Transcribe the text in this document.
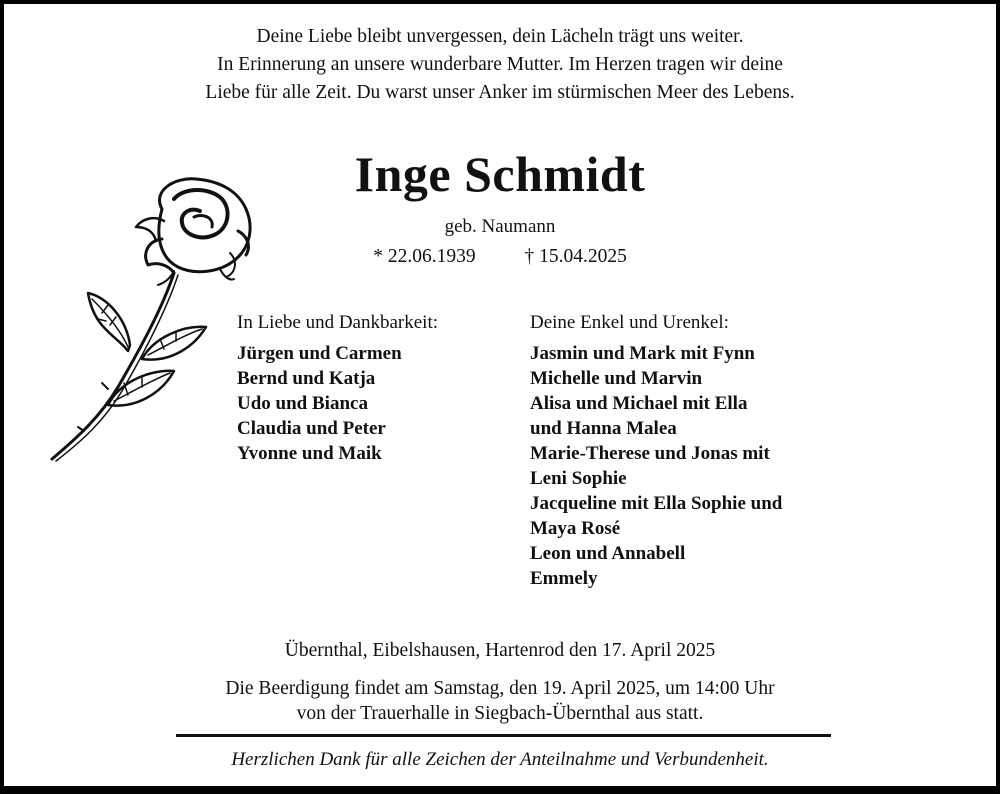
Deine Liebe bleibt unvergessen, dein Lächeln trägt uns weiter.
In Erinnerung an unsere wunderbare Mutter. Im Herzen tragen wir deine
Liebe für alle Zeit. Du warst unser Anker im stürmischen Meer des Lebens.
Inge Schmidt
geb. Naumann
* 22.06.1939	† 15.04.2025
In Liebe und Dankbarkeit:
Jürgen und Carmen
Bernd und Katja
Udo und Bianca
Claudia und Peter
Yvonne und Maik
Deine Enkel und Urenkel:
Jasmin und Mark mit Fynn
Michelle und Marvin
Alisa und Michael mit Ella
und Hanna Malea
Marie-Therese und Jonas mit
Leni Sophie
Jacqueline mit Ella Sophie und
Maya Rosé
Leon und Annabell
Emmely
Übernthal, Eibelshausen, Hartenrod den 17. April 2025
Die Beerdigung findet am Samstag, den 19. April 2025, um 14:00 Uhr
von der Trauerhalle in Siegbach-Übernthal aus statt.
Herzlichen Dank für alle Zeichen der Anteilnahme und Verbundenheit.
